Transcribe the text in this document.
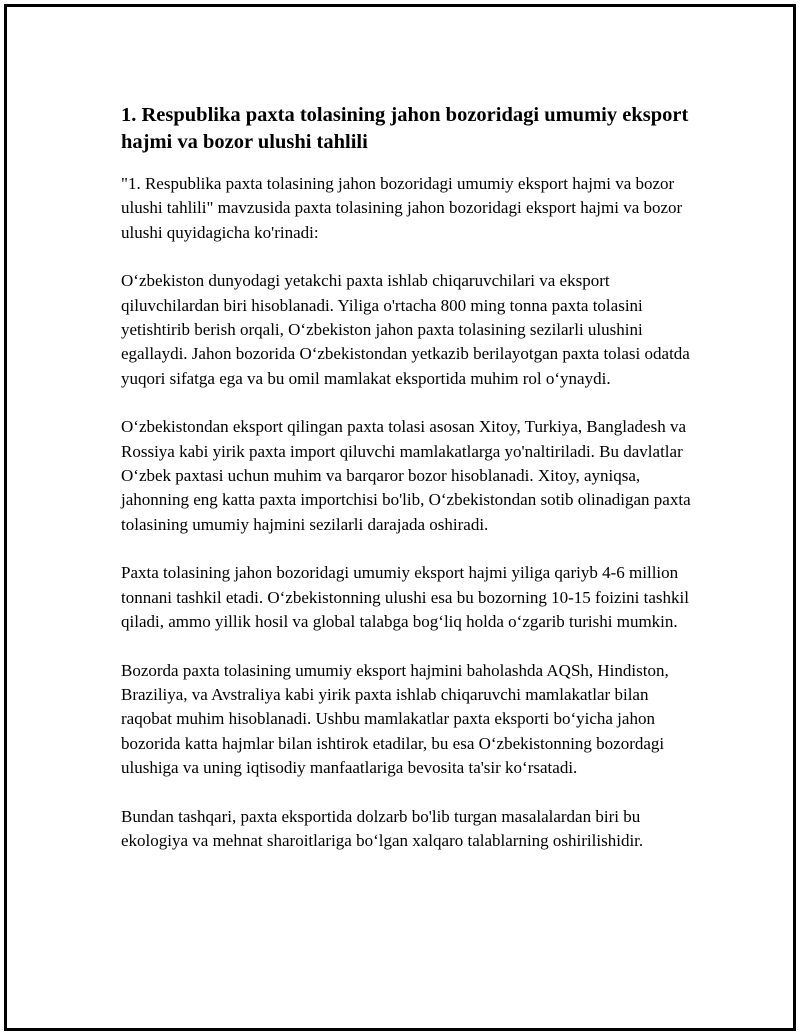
1. Respublika paxta tolasining jahon bozoridagi umumiy eksport hajmi va bozor ulushi tahlili

"1. Respublika paxta tolasining jahon bozoridagi umumiy eksport hajmi va bozor ulushi tahlili" mavzusida paxta tolasining jahon bozoridagi eksport hajmi va bozor ulushi quyidagicha ko'rinadi:

O‘zbekiston dunyodagi yetakchi paxta ishlab chiqaruvchilari va eksport qiluvchilardan biri hisoblanadi. Yiliga o'rtacha 800 ming tonna paxta tolasini yetishtirib berish orqali, O‘zbekiston jahon paxta tolasining sezilarli ulushini egallaydi. Jahon bozorida O‘zbekistondan yetkazib berilayotgan paxta tolasi odatda yuqori sifatga ega va bu omil mamlakat eksportida muhim rol o‘ynaydi.

O‘zbekistondan eksport qilingan paxta tolasi asosan Xitoy, Turkiya, Bangladesh va Rossiya kabi yirik paxta import qiluvchi mamlakatlarga yo'naltiriladi. Bu davlatlar O‘zbek paxtasi uchun muhim va barqaror bozor hisoblanadi. Xitoy, ayniqsa, jahonning eng katta paxta importchisi bo'lib, O‘zbekistondan sotib olinadigan paxta tolasining umumiy hajmini sezilarli darajada oshiradi.

Paxta tolasining jahon bozoridagi umumiy eksport hajmi yiliga qariyb 4-6 million tonnani tashkil etadi. O‘zbekistonning ulushi esa bu bozorning 10-15 foizini tashkil qiladi, ammo yillik hosil va global talabga bog‘liq holda o‘zgarib turishi mumkin.

Bozorda paxta tolasining umumiy eksport hajmini baholashda AQSh, Hindiston, Braziliya, va Avstraliya kabi yirik paxta ishlab chiqaruvchi mamlakatlar bilan raqobat muhim hisoblanadi. Ushbu mamlakatlar paxta eksporti bo‘yicha jahon bozorida katta hajmlar bilan ishtirok etadilar, bu esa O‘zbekistonning bozordagi ulushiga va uning iqtisodiy manfaatlariga bevosita ta'sir ko‘rsatadi.

Bundan tashqari, paxta eksportida dolzarb bo'lib turgan masalalardan biri bu ekologiya va mehnat sharoitlariga bo‘lgan xalqaro talablarning oshirilishidir.
